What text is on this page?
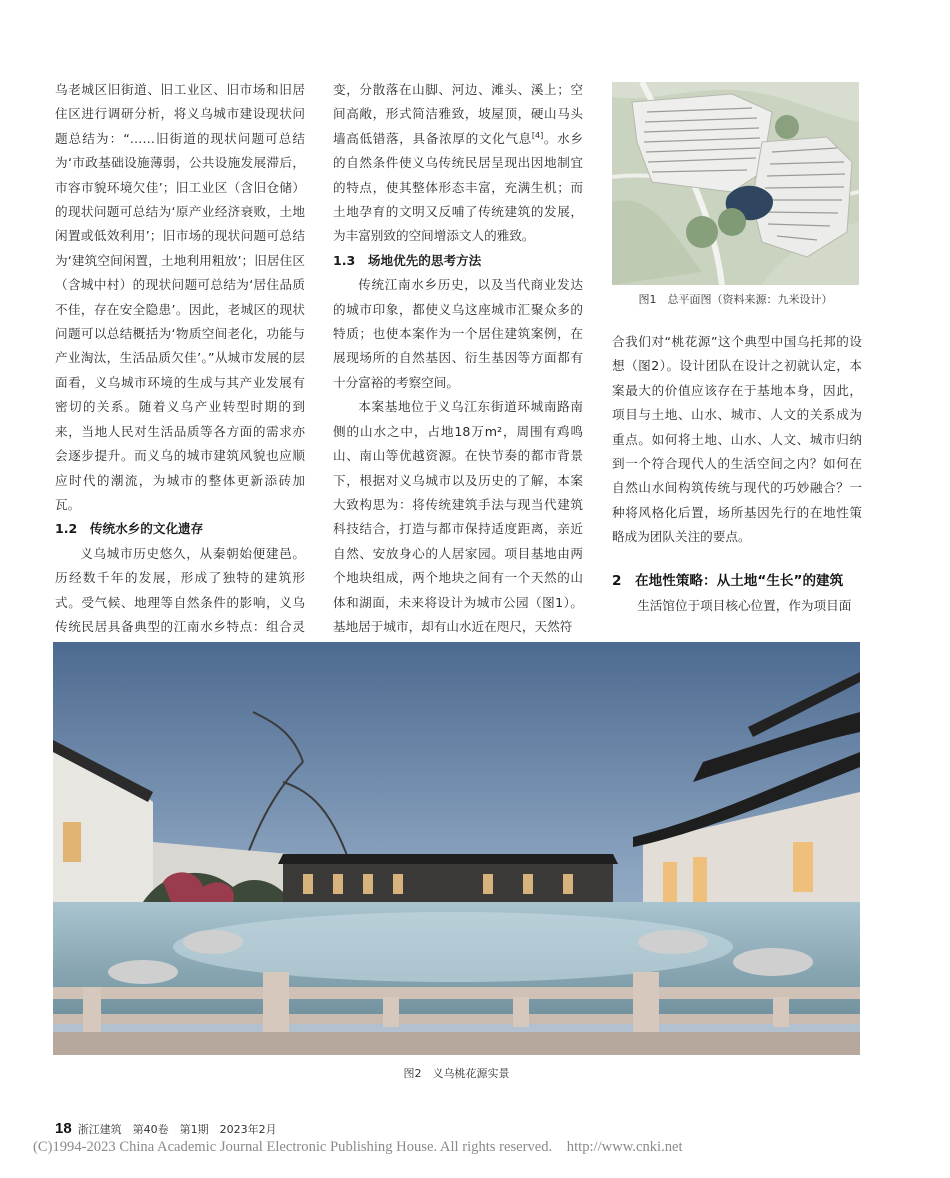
乌老城区旧街道、旧工业区、旧市场和旧居住区进行调研分析，将义乌城市建设现状问题总结为：“……旧街道的现状问题可总结为‘市政基础设施薄弱，公共设施发展滞后，市容市貌环境欠佳’；旧工业区（含旧仓储）的现状问题可总结为‘原产业经济衰败，土地闲置或低效利用’；旧市场的现状问题可总结为‘建筑空间闲置，土地利用粗放’；旧居住区（含城中村）的现状问题可总结为‘居住品质不佳，存在安全隐患’。因此，老城区的现状问题可以总结概括为‘物质空间老化，功能与产业淘汰，生活品质欠佳’。”从城市发展的层面看，义乌城市环境的生成与其产业发展有密切的关系。随着义乌产业转型时期的到来，当地人民对生活品质等各方面的需求亦会逐步提升。而义乌的城市建筑风貌也应顺应时代的潮流，为城市的整体更新添砖加瓦。

1.2　传统水乡的文化遗存

义乌城市历史悠久，从秦朝始便建邑。历经数千年的发展，形成了独特的建筑形式。受气候、地理等自然条件的影响，义乌传统民居具备典型的江南水乡特点：组合灵

变，分散落在山脚、河边、滩头、溪上；空间高敞，形式简洁雅致，坡屋顶，硬山马头墙高低错落，具备浓厚的文化气息[4]。水乡的自然条件使义乌传统民居呈现出因地制宜的特点，使其整体形态丰富，充满生机；而土地孕育的文明又反哺了传统建筑的发展，为丰富别致的空间增添文人的雅致。

1.3　场地优先的思考方法

传统江南水乡历史，以及当代商业发达的城市印象，都使义乌这座城市汇聚众多的特质；也使本案作为一个居住建筑案例，在展现场所的自然基因、衍生基因等方面都有十分富裕的考察空间。

本案基地位于义乌江东街道环城南路南侧的山水之中，占地18万m²，周围有鸡鸣山、南山等优越资源。在快节奏的都市背景下，根据对义乌城市以及历史的了解，本案大致构思为：将传统建筑手法与现当代建筑科技结合，打造与都市保持适度距离，亲近自然、安放身心的人居家园。项目基地由两个地块组成，两个地块之间有一个天然的山体和湖面，未来将设计为城市公园（图1）。基地居于城市，却有山水近在咫尺，天然符

图1　总平面图（资料来源：九米设计）

合我们对“桃花源”这个典型中国乌托邦的设想（图2）。设计团队在设计之初就认定，本案最大的价值应该存在于基地本身，因此，项目与土地、山水、城市、人文的关系成为重点。如何将土地、山水、人文、城市归纳到一个符合现代人的生活空间之内？如何在自然山水间构筑传统与现代的巧妙融合？一种将风格化后置，场所基因先行的在地性策略成为团队关注的要点。

2　在地性策略：从土地“生长”的建筑

生活馆位于项目核心位置，作为项目面

图2　义乌桃花源实景
18 浙江建筑　第40卷　第1期　2023年2月
(C)1994-2023 China Academic Journal Electronic Publishing House. All rights reserved.　http://www.cnki.net
